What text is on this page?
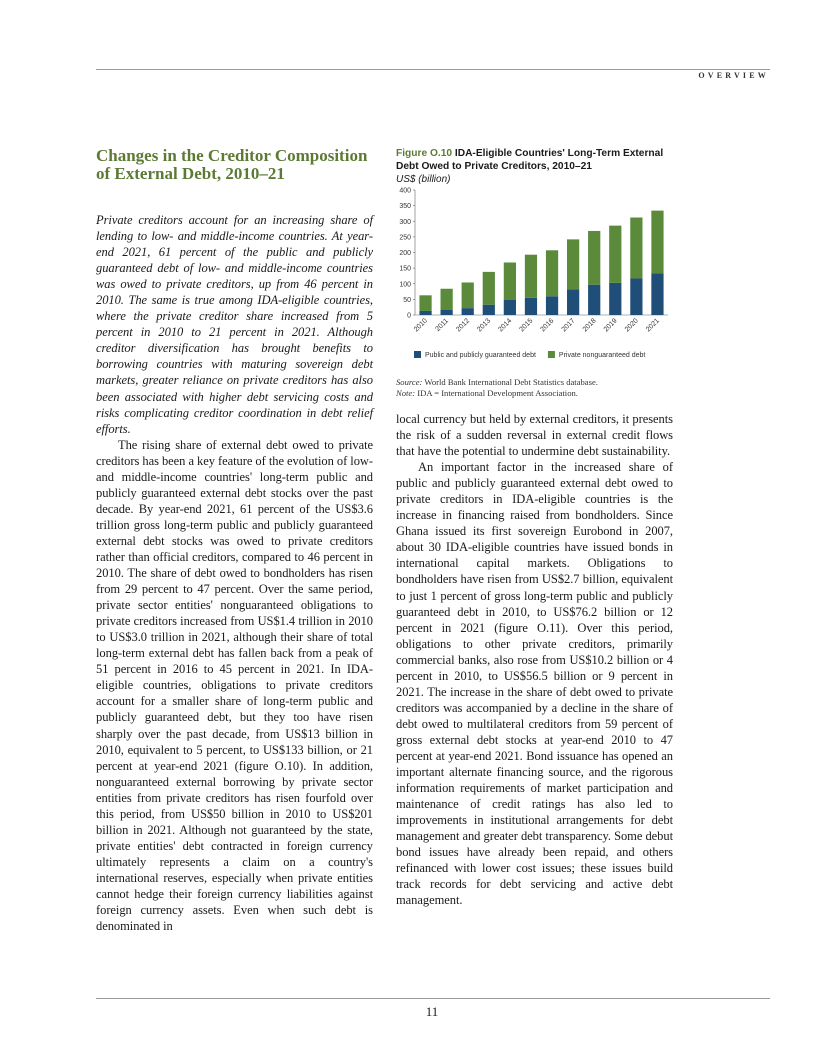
OVERVIEW
Changes in the Creditor Composition of External Debt, 2010–21

Private creditors account for an increasing share of lending to low- and middle-income countries. At year-end 2021, 61 percent of the public and publicly guaranteed debt of low- and middle-income countries was owed to private creditors, up from 46 percent in 2010. The same is true among IDA-eligible countries, where the private creditor share increased from 5 percent in 2010 to 21 percent in 2021. Although creditor diversification has brought benefits to borrowing countries with maturing sovereign debt markets, greater reliance on private creditors has also been associated with higher debt servicing costs and risks complicating creditor coordination in debt relief efforts.

The rising share of external debt owed to private creditors has been a key feature of the evolution of low- and middle-income countries' long-term public and publicly guaranteed external debt stocks over the past decade. By year-end 2021, 61 percent of the US$3.6 trillion gross long-term public and publicly guaranteed external debt stocks was owed to private creditors rather than official creditors, compared to 46 percent in 2010. The share of debt owed to bondholders has risen from 29 percent to 47 percent. Over the same period, private sector entities' nonguaranteed obligations to private creditors increased from US$1.4 trillion in 2010 to US$3.0 trillion in 2021, although their share of total long-term external debt has fallen back from a peak of 51 percent in 2016 to 45 percent in 2021. In IDA-eligible countries, obligations to private creditors account for a smaller share of long-term public and publicly guaranteed debt, but they too have risen sharply over the past decade, from US$13 billion in 2010, equivalent to 5 percent, to US$133 billion, or 21 percent at year-end 2021 (figure O.10). In addition, nonguaranteed external borrowing by private sector entities from private creditors has risen fourfold over this period, from US$50 billion in 2010 to US$201 billion in 2021. Although not guaranteed by the state, private entities' debt contracted in foreign currency ultimately represents a claim on a country's international reserves, especially when private entities cannot hedge their foreign currency liabilities against foreign currency assets. Even when such debt is denominated in

Figure O.10 IDA-Eligible Countries' Long-Term External Debt Owed to Private Creditors, 2010–21
US$ (billion)
0
50
100
150
200
250
300
350
400
2010 2011 2012 2013 2014 2015 2016 2017 2018 2019 2020 2021
Public and publicly guaranteed debt	Private nonguaranteed debt
Source: World Bank International Debt Statistics database.
Note: IDA = International Development Association.

local currency but held by external creditors, it presents the risk of a sudden reversal in external credit flows that have the potential to undermine debt sustainability.

An important factor in the increased share of public and publicly guaranteed external debt owed to private creditors in IDA-eligible countries is the increase in financing raised from bondholders. Since Ghana issued its first sovereign Eurobond in 2007, about 30 IDA-eligible countries have issued bonds in international capital markets. Obligations to bondholders have risen from US$2.7 billion, equivalent to just 1 percent of gross long-term public and publicly guaranteed debt in 2010, to US$76.2 billion or 12 percent in 2021 (figure O.11). Over this period, obligations to other private creditors, primarily commercial banks, also rose from US$10.2 billion or 4 percent in 2010, to US$56.5 billion or 9 percent in 2021. The increase in the share of debt owed to private creditors was accompanied by a decline in the share of debt owed to multilateral creditors from 59 percent of gross external debt stocks at year-end 2010 to 47 percent at year-end 2021. Bond issuance has opened an important alternate financing source, and the rigorous information requirements of market participation and maintenance of credit ratings has also led to improvements in institutional arrangements for debt management and greater debt transparency. Some debut bond issues have already been repaid, and others refinanced with lower cost issues; these issues build track records for debt servicing and active debt management.

11
